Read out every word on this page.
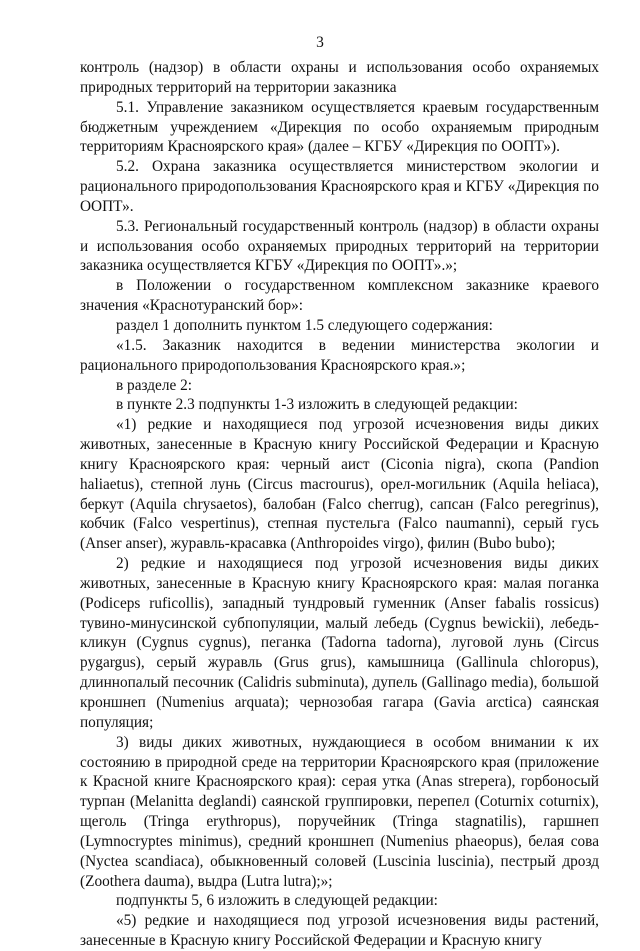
3

контроль (надзор) в области охраны и использования особо охраняемых природных территорий на территории заказника

5.1. Управление заказником осуществляется краевым государственным бюджетным учреждением «Дирекция по особо охраняемым природным территориям Красноярского края» (далее – КГБУ «Дирекция по ООПТ»).

5.2. Охрана заказника осуществляется министерством экологии и рационального природопользования Красноярского края и КГБУ «Дирекция по ООПТ».

5.3. Региональный государственный контроль (надзор) в области охраны и использования особо охраняемых природных территорий на территории заказника осуществляется КГБУ «Дирекция по ООПТ».»;

в Положении о государственном комплексном заказнике краевого значения «Краснотуранский бор»:

раздел 1 дополнить пунктом 1.5 следующего содержания:

«1.5. Заказник находится в ведении министерства экологии и рационального природопользования Красноярского края.»;

в разделе 2:

в пункте 2.3 подпункты 1-3 изложить в следующей редакции:

«1) редкие и находящиеся под угрозой исчезновения виды диких животных, занесенные в Красную книгу Российской Федерации и Красную книгу Красноярского края: черный аист (Ciconia nigra), скопа (Pandion haliaetus), степной лунь (Circus macrourus), орел-могильник (Aquila heliaca), беркут (Aquila chrysaetos), балобан (Falco cherrug), сапсан (Falco peregrinus), кобчик (Falco vespertinus), степная пустельга (Falco naumanni), серый гусь (Anser anser), журавль-красавка (Anthropoides virgo), филин (Bubo bubo);

2) редкие и находящиеся под угрозой исчезновения виды диких животных, занесенные в Красную книгу Красноярского края: малая поганка (Podiceps ruficollis), западный тундровый гуменник (Anser fabalis rossicus) тувино-минусинской субпопуляции, малый лебедь (Cygnus bewickii), лебедь-кликун (Cygnus cygnus), пеганка (Tadorna tadorna), луговой лунь (Circus pygargus), серый журавль (Grus grus), камышница (Gallinula chloropus), длиннопалый песочник (Calidris subminuta), дупель (Gallinago media), большой кроншнеп (Numenius arquata); чернозобая гагара (Gavia arctica) саянская популяция;

3) виды диких животных, нуждающиеся в особом внимании к их состоянию в природной среде на территории Красноярского края (приложение к Красной книге Красноярского края): серая утка (Anas strepera), горбоносый турпан (Melanitta deglandi) саянской группировки, перепел (Coturnix coturnix), щеголь (Tringa erythropus), поручейник (Tringa stagnatilis), гаршнеп (Lymnocryptes minimus), средний кроншнеп (Numenius phaeopus), белая сова (Nyctea scandiaca), обыкновенный соловей (Luscinia luscinia), пестрый дрозд (Zoothera dauma), выдра (Lutra lutra);»;

подпункты 5, 6 изложить в следующей редакции:

«5) редкие и находящиеся под угрозой исчезновения виды растений, занесенные в Красную книгу Российской Федерации и Красную книгу
